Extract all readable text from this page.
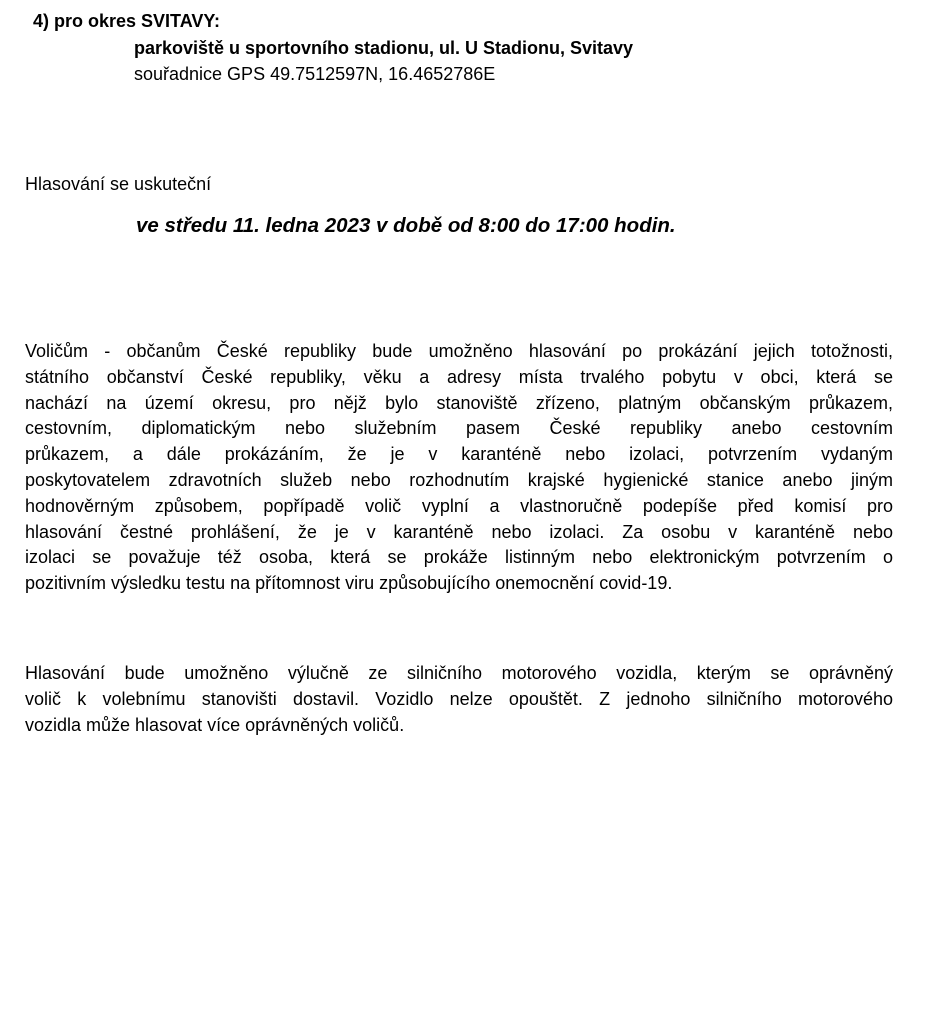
4) pro okres SVITAVY:
parkoviště u sportovního stadionu, ul. U Stadionu, Svitavy
souřadnice GPS 49.7512597N, 16.4652786E
Hlasování se uskuteční
ve středu 11. ledna 2023 v době od 8:00 do 17:00 hodin.
Voličům - občanům České republiky bude umožněno hlasování po prokázání jejich totožnosti,
státního občanství České republiky, věku a adresy místa trvalého pobytu v obci, která se
nachází na území okresu, pro nějž bylo stanoviště zřízeno, platným občanským průkazem,
cestovním, diplomatickým nebo služebním pasem České republiky anebo cestovním
průkazem, a dále prokázáním, že je v karanténě nebo izolaci, potvrzením vydaným
poskytovatelem zdravotních služeb nebo rozhodnutím krajské hygienické stanice anebo jiným
hodnověrným způsobem, popřípadě volič vyplní a vlastnoručně podepíše před komisí pro
hlasování čestné prohlášení, že je v karanténě nebo izolaci. Za osobu v karanténě nebo
izolaci se považuje též osoba, která se prokáže listinným nebo elektronickým potvrzením o
pozitivním výsledku testu na přítomnost viru způsobujícího onemocnění covid-19.
Hlasování bude umožněno výlučně ze silničního motorového vozidla, kterým se oprávněný
volič k volebnímu stanovišti dostavil. Vozidlo nelze opouštět. Z jednoho silničního motorového
vozidla může hlasovat více oprávněných voličů.
